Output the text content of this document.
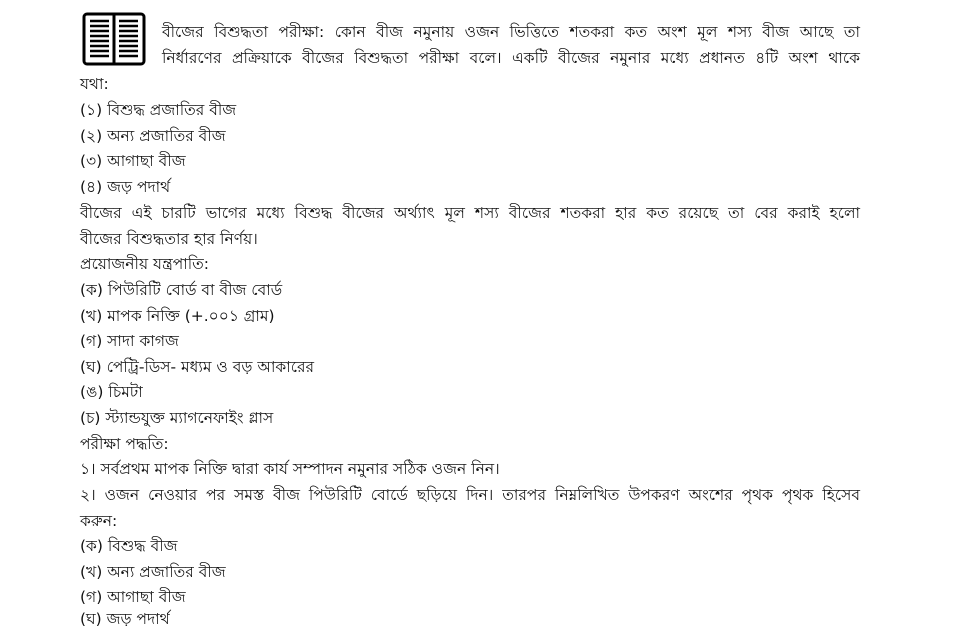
বীজের বিশুদ্ধতা পরীক্ষা: কোন বীজ নমুনায় ওজন ভিত্তিতে শতকরা কত অংশ মূল শস্য বীজ আছে তা
নির্ধারণের প্রক্রিয়াকে বীজের বিশুদ্ধতা পরীক্ষা বলে। একটি বীজের নমুনার মধ্যে প্রধানত ৪টি অংশ থাকে
যথা:
(১) বিশুদ্ধ প্রজাতির বীজ
(২) অন্য প্রজাতির বীজ
(৩) আগাছা বীজ
(৪) জড় পদার্থ
বীজের এই চারটি ভাগের মধ্যে বিশুদ্ধ বীজের অর্থ্যাৎ মূল শস্য বীজের শতকরা হার কত রয়েছে তা বের করাই হলো
বীজের বিশুদ্ধতার হার নির্ণয়।
প্রয়োজনীয় যন্ত্রপাতি:
(ক) পিউরিটি বোর্ড বা বীজ বোর্ড
(খ) মাপক নিক্তি (+.০০১ গ্রাম)
(গ) সাদা কাগজ
(ঘ) পেট্রি-ডিস- মধ্যম ও বড় আকারের
(ঙ) চিমটা
(চ) স্ট্যান্ডযুক্ত ম্যাগনেফাইং গ্লাস
পরীক্ষা পদ্ধতি:
১। সর্বপ্রথম মাপক নিক্তি দ্বারা কার্য সম্পাদন নমুনার সঠিক ওজন নিন।
২। ওজন নেওয়ার পর সমস্ত বীজ পিউরিটি বোর্ডে ছড়িয়ে দিন। তারপর নিম্নলিখিত উপকরণ অংশের পৃথক পৃথক হিসেব
করুন:
(ক) বিশুদ্ধ বীজ
(খ) অন্য প্রজাতির বীজ
(গ) আগাছা বীজ
(ঘ) জড় পদার্থ
